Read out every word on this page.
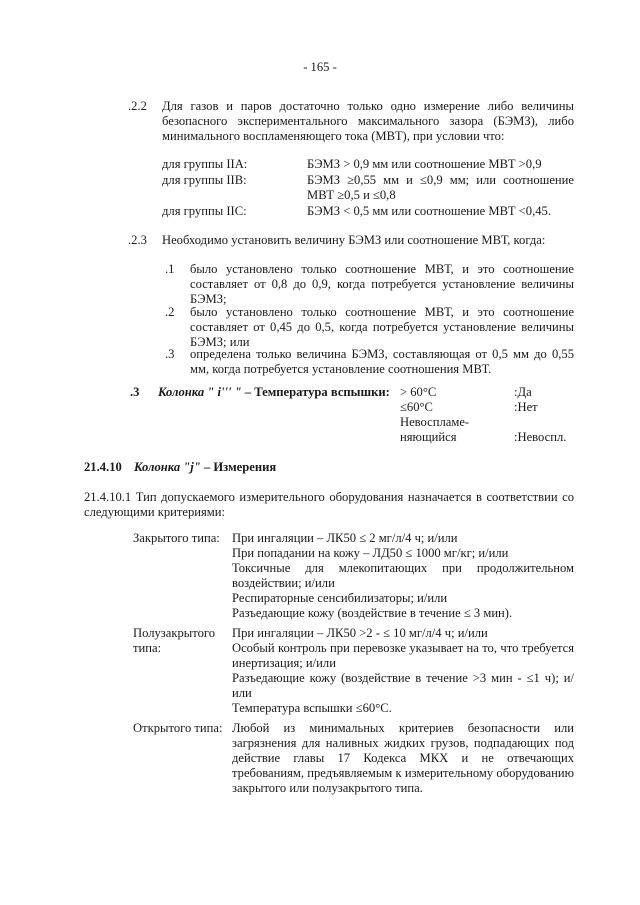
- 165 -
.2.2 Для газов и паров достаточно только одно измерение либо величины безопасного экспериментального максимального зазора (БЭМЗ), либо минимального воспламеняющего тока (МВТ), при условии что:
для группы IIA:	БЭМЗ > 0,9 мм или соотношение МВТ >0,9
для группы IIB:	БЭМЗ ≥0,55 мм и ≤0,9 мм; или соотношение МВТ ≥0,5 и ≤0,8
для группы IIC:	БЭМЗ < 0,5 мм или соотношение МВТ <0,45.
.2.3 Необходимо установить величину БЭМЗ или соотношение МВТ, когда:
.1 было установлено только соотношение МВТ, и это соотношение составляет от 0,8 до 0,9, когда потребуется установление величины БЭМЗ;
.2 было установлено только соотношение МВТ, и это соотношение составляет от 0,45 до 0,5, когда потребуется установление величины БЭМЗ; или
.3 определена только величина БЭМЗ, составляющая от 0,5 мм до 0,55 мм, когда потребуется установление соотношения МВТ.
.3 Колонка " i''' " – Температура вспышки: > 60°C	:Да
≤60°C	:Нет
Невоспламе-
няющийся	:Невоспл.
21.4.10 Колонка "j" – Измерения
21.4.10.1 Тип допускаемого измерительного оборудования назначается в соответствии со следующими критериями:
Закрытого типа: При ингаляции – ЛК50 ≤ 2 мг/л/4 ч; и/или
При попадании на кожу – ЛД50 ≤ 1000 мг/кг; и/или
Токсичные для млекопитающих при продолжительном воздействии; и/или
Респираторные сенсибилизаторы; и/или
Разъедающие кожу (воздействие в течение ≤ 3 мин).
Полузакрытого типа:
При ингаляции – ЛК50 >2 - ≤ 10 мг/л/4 ч; и/или
Особый контроль при перевозке указывает на то, что требуется инертизация; и/или
Разъедающие кожу (воздействие в течение >3 мин - ≤1 ч); и/или
Температура вспышки ≤60°С.
Открытого типа: Любой из минимальных критериев безопасности или загрязнения для наливных жидких грузов, подпадающих под действие главы 17 Кодекса МКХ и не отвечающих требованиям, предъявляемым к измерительному оборудованию закрытого или полузакрытого типа.
